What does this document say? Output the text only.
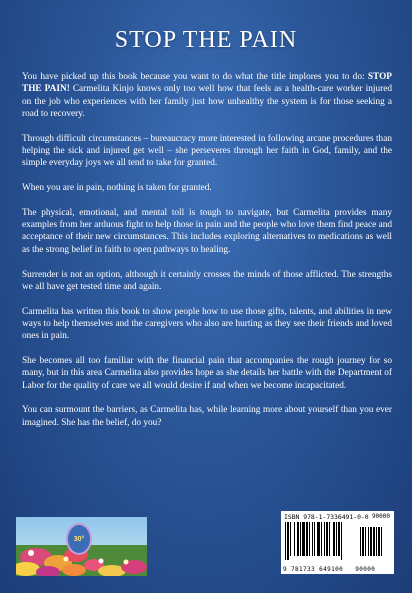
STOP THE PAIN

You have picked up this book because you want to do what the title implores you to do: STOP THE PAIN! Carmelita Kinjo knows only too well how that feels as a health-care worker injured on the job who experiences with her family just how unhealthy the system is for those seeking a road to recovery.

Through difficult circumstances – bureaucracy more interested in following arcane procedures than helping the sick and injured get well – she perseveres through her faith in God, family, and the simple everyday joys we all tend to take for granted.

When you are in pain, nothing is taken for granted.

The physical, emotional, and mental toll is tough to navigate, but Carmelita provides many examples from her arduous fight to help those in pain and the people who love them find peace and acceptance of their new circumstances. This includes exploring alternatives to medications as well as the strong belief in faith to open pathways to healing.

Surrender is not an option, although it certainly crosses the minds of those afflicted. The strengths we all have get tested time and again.

Carmelita has written this book to show people how to use those gifts, talents, and abilities in new ways to help themselves and the caregivers who also are hurting as they see their friends and loved ones in pain.

She becomes all too familiar with the financial pain that accompanies the rough journey for so many, but in this area Carmelita also provides hope as she details her battle with the Department of Labor for the quality of care we all would desire if and when we become incapacitated.

You can surmount the barriers, as Carmelita has, while learning more about yourself than you ever imagined. She has the belief, do you?

30°
ISBN 978-1-7336491-0-0
9 781733 649100 90000
90000
